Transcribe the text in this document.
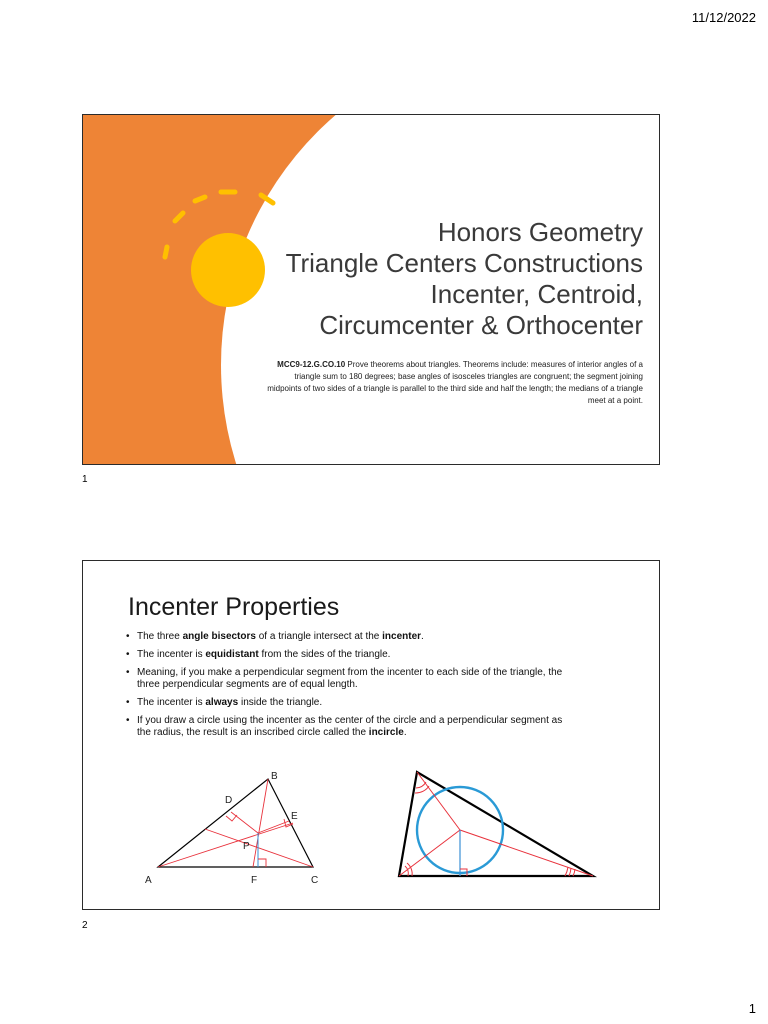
11/12/2022
Honors Geometry
Triangle Centers Constructions
Incenter, Centroid,
Circumcenter & Orthocenter
MCC9-12.G.CO.10 Prove theorems about triangles. Theorems include: measures of interior angles of a triangle sum to 180 degrees; base angles of isosceles triangles are congruent; the segment joining midpoints of two sides of a triangle is parallel to the third side and half the length; the medians of a triangle meet at a point.
1
Incenter Properties
• The three angle bisectors of a triangle intersect at the incenter.
• The incenter is equidistant from the sides of the triangle.
• Meaning, if you make a perpendicular segment from the incenter to each side of the triangle, the three perpendicular segments are of equal length.
• The incenter is always inside the triangle.
• If you draw a circle using the incenter as the center of the circle and a perpendicular segment as the radius, the result is an inscribed circle called the incircle.
A
B
C
D
E
F
P
2
1
